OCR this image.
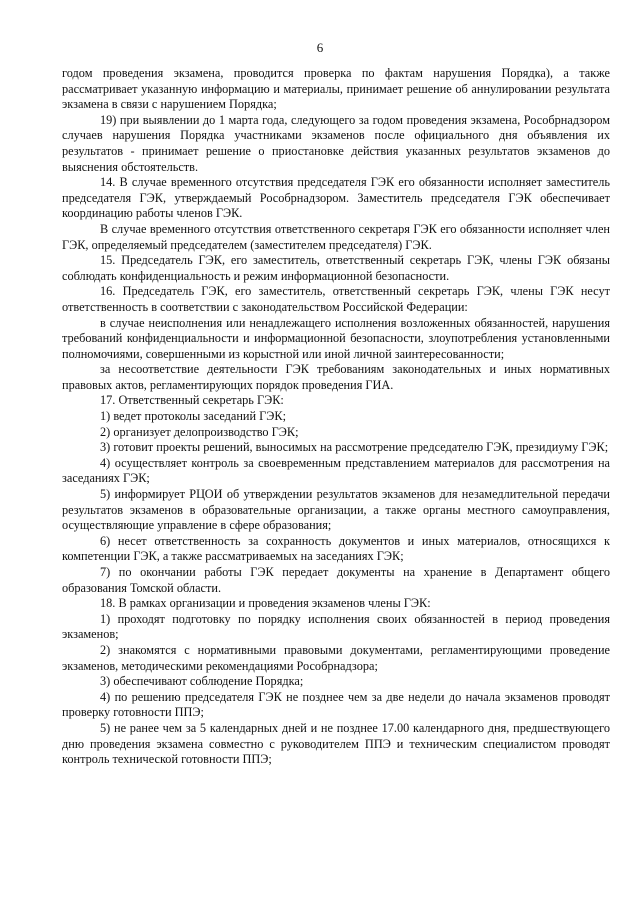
6

годом проведения экзамена, проводится проверка по фактам нарушения Порядка), а также рассматривает указанную информацию и материалы, принимает решение об аннулировании результата экзамена в связи с нарушением Порядка;

19) при выявлении до 1 марта года, следующего за годом проведения экзамена, Рособрнадзором случаев нарушения Порядка участниками экзаменов после официального дня объявления их результатов - принимает решение о приостановке действия указанных результатов экзаменов до выяснения обстоятельств.

14. В случае временного отсутствия председателя ГЭК его обязанности исполняет заместитель председателя ГЭК, утверждаемый Рособрнадзором. Заместитель председателя ГЭК обеспечивает координацию работы членов ГЭК.

В случае временного отсутствия ответственного секретаря ГЭК его обязанности исполняет член ГЭК, определяемый председателем (заместителем председателя) ГЭК.

15. Председатель ГЭК, его заместитель, ответственный секретарь ГЭК, члены ГЭК обязаны соблюдать конфиденциальность и режим информационной безопасности.

16. Председатель ГЭК, его заместитель, ответственный секретарь ГЭК, члены ГЭК несут ответственность в соответствии с законодательством Российской Федерации:

в случае неисполнения или ненадлежащего исполнения возложенных обязанностей, нарушения требований конфиденциальности и информационной безопасности, злоупотребления установленными полномочиями, совершенными из корыстной или иной личной заинтересованности;

за несоответствие деятельности ГЭК требованиям законодательных и иных нормативных правовых актов, регламентирующих порядок проведения ГИА.

17. Ответственный секретарь ГЭК:

1) ведет протоколы заседаний ГЭК;

2) организует делопроизводство ГЭК;

3) готовит проекты решений, выносимых на рассмотрение председателю ГЭК, президиуму ГЭК;

4) осуществляет контроль за своевременным представлением материалов для рассмотрения на заседаниях ГЭК;

5) информирует РЦОИ об утверждении результатов экзаменов для незамедлительной передачи результатов экзаменов в образовательные организации, а также органы местного самоуправления, осуществляющие управление в сфере образования;

6) несет ответственность за сохранность документов и иных материалов, относящихся к компетенции ГЭК, а также рассматриваемых на заседаниях ГЭК;

7) по окончании работы ГЭК передает документы на хранение в Департамент общего образования Томской области.

18. В рамках организации и проведения экзаменов члены ГЭК:

1) проходят подготовку по порядку исполнения своих обязанностей в период проведения экзаменов;

2) знакомятся с нормативными правовыми документами, регламентирующими проведение экзаменов, методическими рекомендациями Рособрнадзора;

3) обеспечивают соблюдение Порядка;

4) по решению председателя ГЭК не позднее чем за две недели до начала экзаменов проводят проверку готовности ППЭ;

5) не ранее чем за 5 календарных дней и не позднее 17.00 календарного дня, предшествующего дню проведения экзамена совместно с руководителем ППЭ и техническим специалистом проводят контроль технической готовности ППЭ;
